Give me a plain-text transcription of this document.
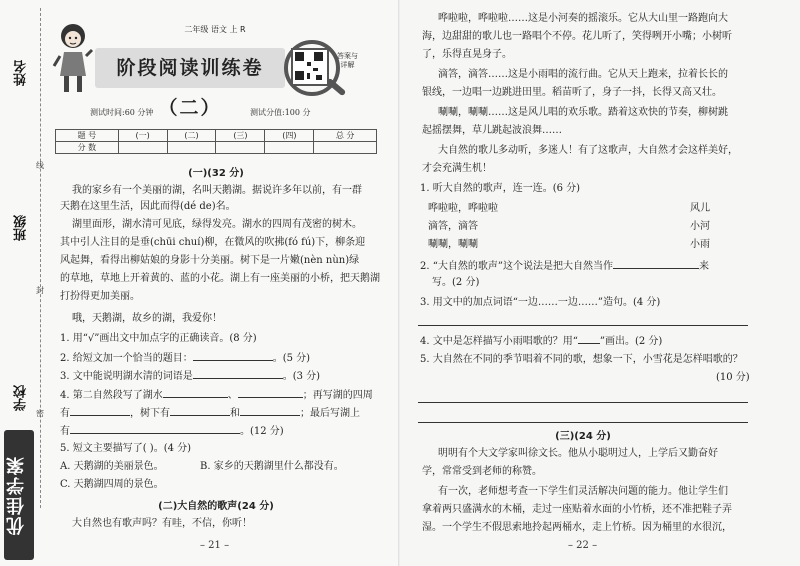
姓名
班级
学校
线
封
密
优佳学案
二年级 语文 上 R
阶段阅读训练卷（二）
答案与
详解
测试时间:60 分钟	测试分值:100 分
题 号	(一)	(二)	(三)	(四)	总 分
分 数					
(一)(32 分)
我的家乡有一个美丽的湖，名叫天鹅湖。据说许多年以前，有一群
天鹅在这里生活，因此而得(dé de)名。
湖里面形，湖水清可见底，绿得发亮。湖水的四周有茂密的树木。
其中引人注目的是垂(chūi chuí)柳，在微风的吹拂(fó fú)下，柳条迎
风起舞，看得出柳姑娘的身影十分美丽。树下是一片嫩(nèn nùn)绿
的草地，草地上开着黄的、蓝的小花。湖上有一座美丽的小桥，把天鹅湖
打扮得更加美丽。
哦，天鹅湖，故乡的湖，我爱你！
1. 用“√”画出文中加点字的正确读音。(8 分)
2. 给短文加一个恰当的题目：	。(5 分)
3. 文中能说明湖水清的词语是	。(3 分)
4. 第二自然段写了湖水	、	；再写湖的四周
有	，树下有	和	；最后写湖上
有	。(12 分)
5. 短文主要描写了( )。(4 分)
A. 天鹅湖的美丽景色。	B. 家乡的天鹅湖里什么都没有。
C. 天鹅湖四周的景色。
(二)大自然的歌声(24 分)
大自然也有歌声吗？有哇，不信，你听！
– 21 –
哗啦啦，哗啦啦……这是小河奏的摇滚乐。它从大山里一路跑向大
海，边甜甜的歌儿也一路唱个不停。花儿听了，笑得咧开小嘴；小树听
了，乐得直晃身子。
滴答，滴答……这是小雨唱的流行曲。它从天上跑来，拉着长长的
银线，一边唱一边跳进田里。稻苗听了，身子一抖，长得又高又壮。
唰唰，唰唰……这是风儿唱的欢乐歌。踏着这欢快的节奏，柳树跳
起摇摆舞，草儿跳起波浪舞……
大自然的歌儿多动听，多迷人！有了这歌声，大自然才会这样美好，
才会充满生机！
1. 听大自然的歌声，连一连。(6 分)
哗啦啦，哗啦啦
滴答，滴答
唰唰，唰唰
风儿
小河
小雨
2. “大自然的歌声”这个说法是把大自然当作	来
写。(2 分)
3. 用文中的加点词语“一边……一边……”造句。(4 分)
4. 文中是怎样描写小雨唱歌的？用“ ”画出。(2 分)
5. 大自然在不同的季节唱着不同的歌，想象一下，小雪花是怎样唱歌的？
(10 分)
(三)(24 分)
明明有个大文学家叫徐文长。他从小聪明过人，上学后又勤奋好
学，常常受到老师的称赞。
有一次，老师想考查一下学生们灵活解决问题的能力。他让学生们
拿着两只盛满水的木桶，走过一座贴着水面的小竹桥，还不准把鞋子弄
湿。一个学生不假思索地拎起两桶水，走上竹桥。因为桶里的水很沉，
– 22 –
